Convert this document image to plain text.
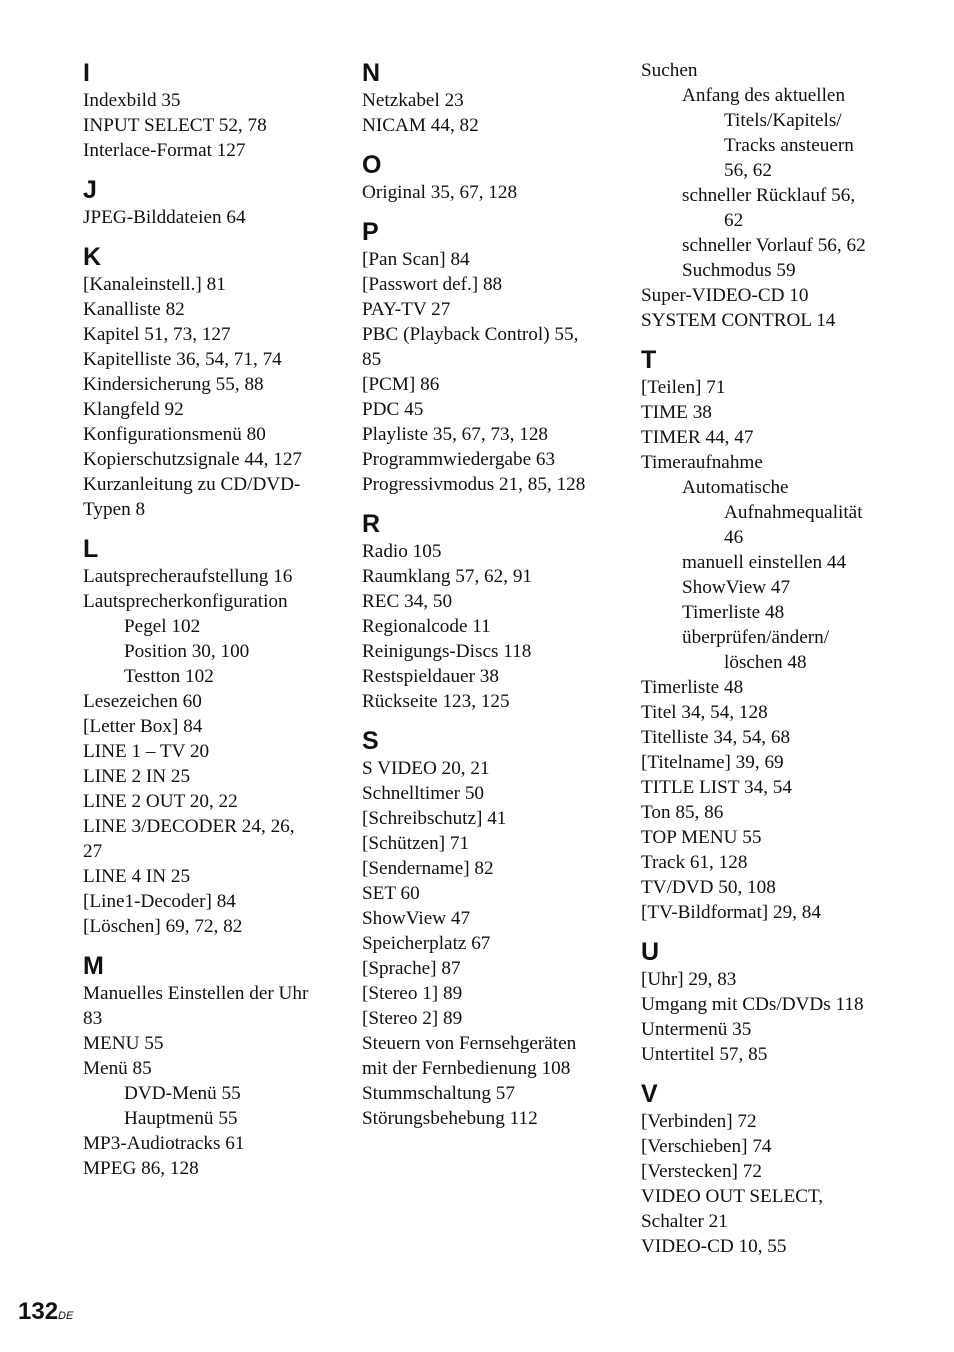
I
Indexbild 35
INPUT SELECT 52, 78
Interlace-Format 127
J
JPEG-Bilddateien 64
K
[Kanaleinstell.] 81
Kanalliste 82
Kapitel 51, 73, 127
Kapitelliste 36, 54, 71, 74
Kindersicherung 55, 88
Klangfeld 92
Konfigurationsmenü 80
Kopierschutzsignale 44, 127
Kurzanleitung zu CD/DVD-
Typen 8
L
Lautsprecheraufstellung 16
Lautsprecherkonfiguration
Pegel 102
Position 30, 100
Testton 102
Lesezeichen 60
[Letter Box] 84
LINE 1 – TV 20
LINE 2 IN 25
LINE 2 OUT 20, 22
LINE 3/DECODER 24, 26,
27
LINE 4 IN 25
[Line1-Decoder] 84
[Löschen] 69, 72, 82
M
Manuelles Einstellen der Uhr
83
MENU 55
Menü 85
DVD-Menü 55
Hauptmenü 55
MP3-Audiotracks 61
MPEG 86, 128
N
Netzkabel 23
NICAM 44, 82
O
Original 35, 67, 128
P
[Pan Scan] 84
[Passwort def.] 88
PAY-TV 27
PBC (Playback Control) 55,
85
[PCM] 86
PDC 45
Playliste 35, 67, 73, 128
Programmwiedergabe 63
Progressivmodus 21, 85, 128
R
Radio 105
Raumklang 57, 62, 91
REC 34, 50
Regionalcode 11
Reinigungs-Discs 118
Restspieldauer 38
Rückseite 123, 125
S
S VIDEO 20, 21
Schnelltimer 50
[Schreibschutz] 41
[Schützen] 71
[Sendername] 82
SET 60
ShowView 47
Speicherplatz 67
[Sprache] 87
[Stereo 1] 89
[Stereo 2] 89
Steuern von Fernsehgeräten
mit der Fernbedienung 108
Stummschaltung 57
Störungsbehebung 112
Suchen
Anfang des aktuellen
Titels/Kapitels/
Tracks ansteuern
56, 62
schneller Rücklauf 56,
62
schneller Vorlauf 56, 62
Suchmodus 59
Super-VIDEO-CD 10
SYSTEM CONTROL 14
T
[Teilen] 71
TIME 38
TIMER 44, 47
Timeraufnahme
Automatische
Aufnahmequalität
46
manuell einstellen 44
ShowView 47
Timerliste 48
überprüfen/ändern/
löschen 48
Timerliste 48
Titel 34, 54, 128
Titelliste 34, 54, 68
[Titelname] 39, 69
TITLE LIST 34, 54
Ton 85, 86
TOP MENU 55
Track 61, 128
TV/DVD 50, 108
[TV-Bildformat] 29, 84
U
[Uhr] 29, 83
Umgang mit CDs/DVDs 118
Untermenü 35
Untertitel 57, 85
V
[Verbinden] 72
[Verschieben] 74
[Verstecken] 72
VIDEO OUT SELECT,
Schalter 21
VIDEO-CD 10, 55
132DE
